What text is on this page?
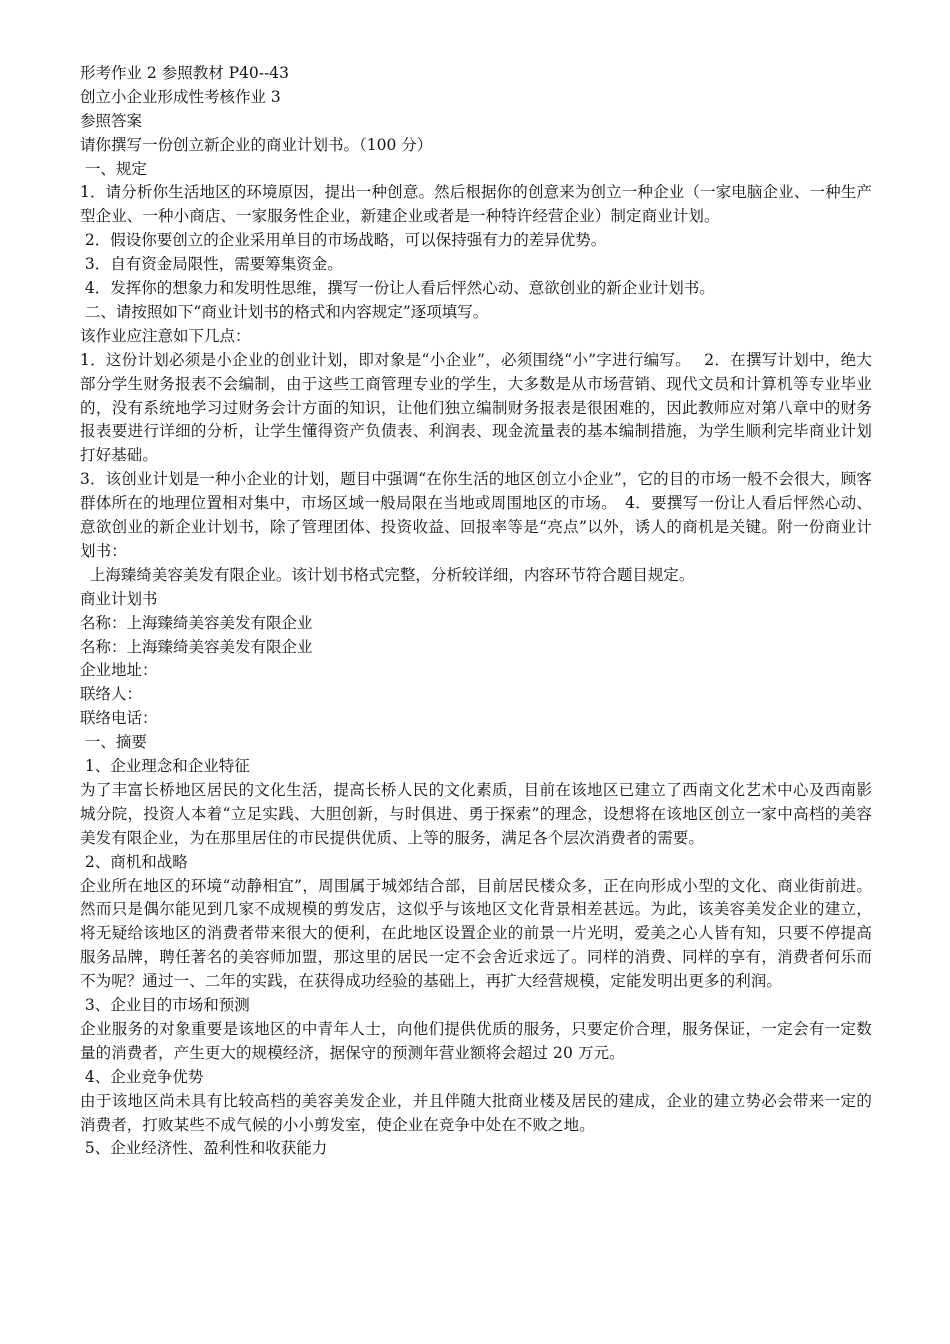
形考作业 2 参照教材 P40--43

创立小企业形成性考核作业 3

参照答案

请你撰写一份创立新企业的商业计划书。（100 分）

一、规定

1．请分析你生活地区的环境原因，提出一种创意。然后根据你的创意来为创立一种企业（一家电脑企业、一种生产型企业、一种小商店、一家服务性企业，新建企业或者是一种特许经营企业）制定商业计划。

2．假设你要创立的企业采用单目的市场战略，可以保持强有力的差异优势。

3．自有资金局限性，需要筹集资金。

4．发挥你的想象力和发明性思维，撰写一份让人看后怦然心动、意欲创业的新企业计划书。

二、请按照如下“商业计划书的格式和内容规定”逐项填写。

该作业应注意如下几点：

1．这份计划必须是小企业的创业计划，即对象是“小企业”，必须围绕“小”字进行编写。　 2．在撰写计划中，绝大部分学生财务报表不会编制，由于这些工商管理专业的学生，大多数是从市场营销、现代文员和计算机等专业毕业的，没有系统地学习过财务会计方面的知识，让他们独立编制财务报表是很困难的，因此教师应对第八章中的财务报表要进行详细的分析，让学生懂得资产负债表、利润表、现金流量表的基本编制措施，为学生顺利完毕商业计划打好基础。

3．该创业计划是一种小企业的计划，题目中强调“在你生活的地区创立小企业”，它的目的市场一般不会很大，顾客群体所在的地理位置相对集中，市场区域一般局限在当地或周围地区的市场。　4．要撰写一份让人看后怦然心动、意欲创业的新企业计划书，除了管理团体、投资收益、回报率等是“亮点”以外，诱人的商机是关键。附一份商业计划书：

上海臻绮美容美发有限企业。该计划书格式完整，分析较详细，内容环节符合题目规定。

商业计划书

名称：上海臻绮美容美发有限企业

名称：上海臻绮美容美发有限企业

企业地址：

联络人：

联络电话：

一、摘要

1、企业理念和企业特征

为了丰富长桥地区居民的文化生活，提高长桥人民的文化素质，目前在该地区已建立了西南文化艺术中心及西南影城分院，投资人本着“立足实践、大胆创新，与时俱进、勇于探索”的理念，设想将在该地区创立一家中高档的美容美发有限企业，为在那里居住的市民提供优质、上等的服务，满足各个层次消费者的需要。

2、商机和战略

企业所在地区的环境“动静相宜”，周围属于城郊结合部，目前居民楼众多，正在向形成小型的文化、商业街前进。然而只是偶尔能见到几家不成规模的剪发店，这似乎与该地区文化背景相差甚远。为此，该美容美发企业的建立，将无疑给该地区的消费者带来很大的便利，在此地区设置企业的前景一片光明，爱美之心人皆有知，只要不停提高服务品牌，聘任著名的美容师加盟，那这里的居民一定不会舍近求远了。同样的消费、同样的享有，消费者何乐而不为呢？通过一、二年的实践，在获得成功经验的基础上，再扩大经营规模，定能发明出更多的利润。

3、企业目的市场和预测

企业服务的对象重要是该地区的中青年人士，向他们提供优质的服务，只要定价合理，服务保证，一定会有一定数量的消费者，产生更大的规模经济，据保守的预测年营业额将会超过 20 万元。

4、企业竞争优势

由于该地区尚未具有比较高档的美容美发企业，并且伴随大批商业楼及居民的建成，企业的建立势必会带来一定的消费者，打败某些不成气候的小小剪发室，使企业在竞争中处在不败之地。

5、企业经济性、盈利性和收获能力
